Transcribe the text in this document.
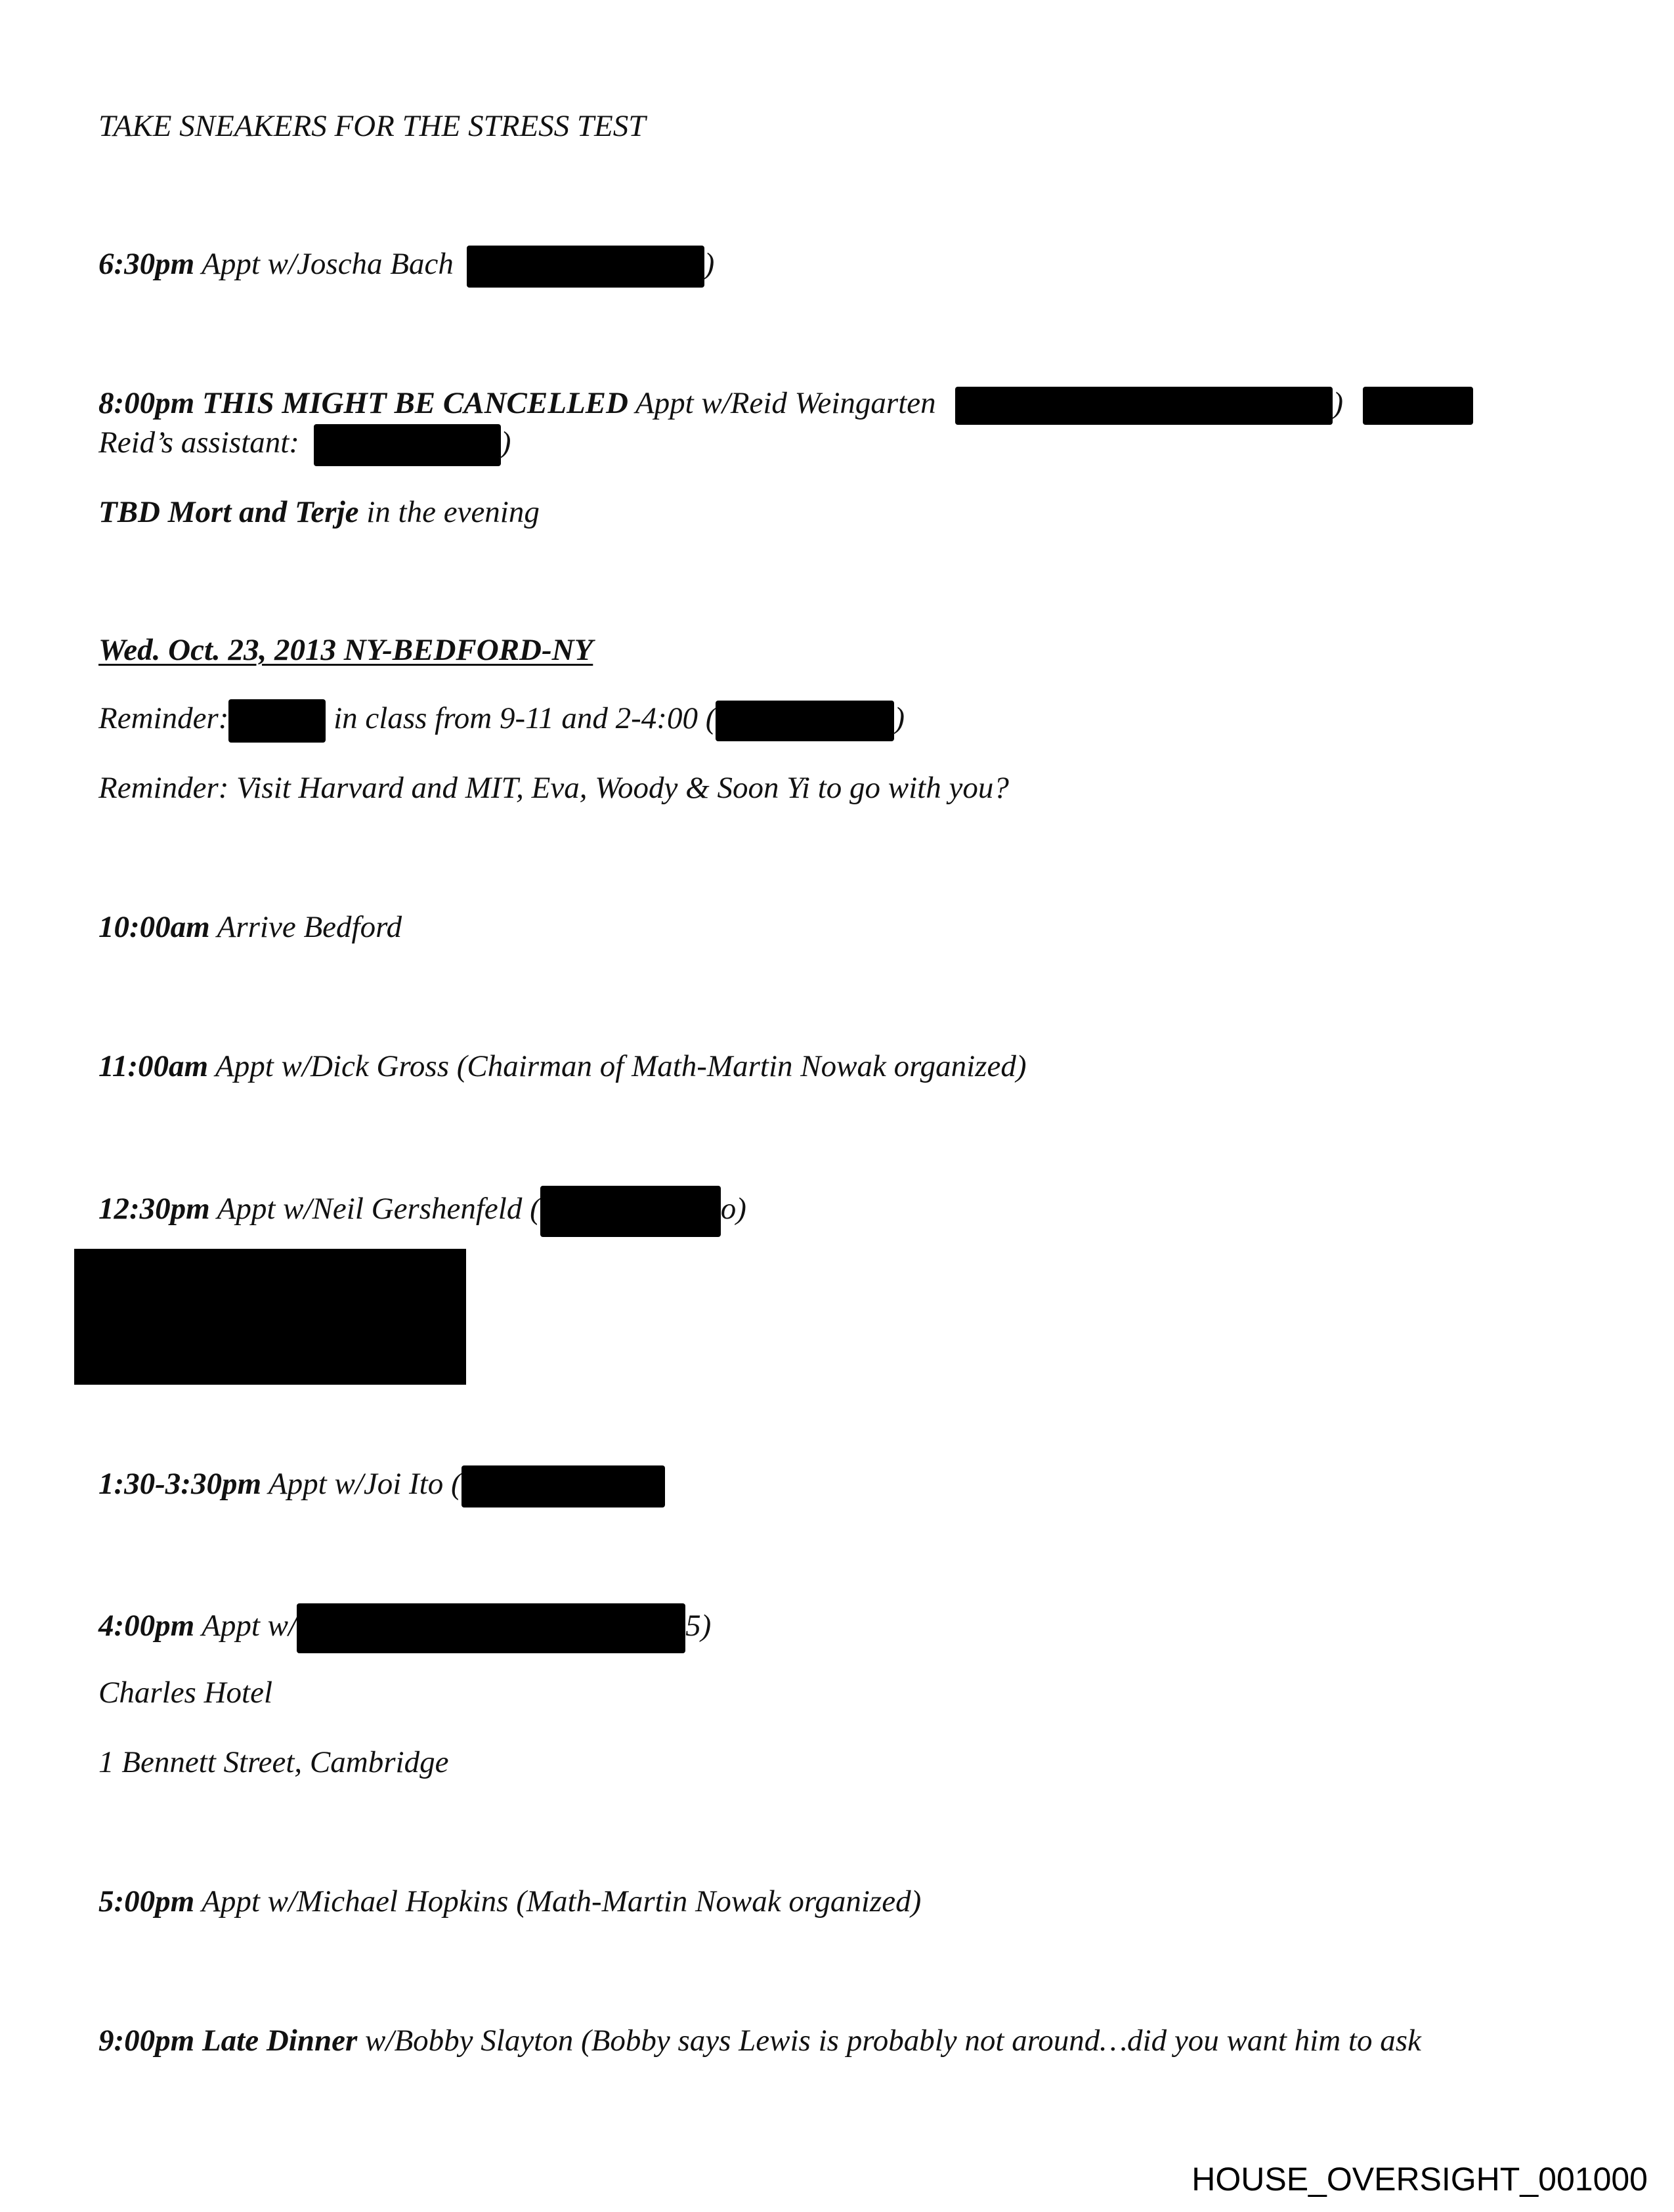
TAKE SNEAKERS FOR THE STRESS TEST
6:30pm Appt w/Joscha Bach	)
8:00pm THIS MIGHT BE CANCELLED Appt w/Reid Weingarten	)
Reid’s assistant:	)
TBD Mort and Terje in the evening
Wed. Oct. 23, 2013 NY-BEDFORD-NY
Reminder:	in class from 9-11 and 2-4:00 (	)
Reminder: Visit Harvard and MIT, Eva, Woody & Soon Yi to go with you?
10:00am Arrive Bedford
11:00am Appt w/Dick Gross (Chairman of Math-Martin Nowak organized)
12:30pm Appt w/Neil Gershenfeld (	o)
1:30-3:30pm Appt w/Joi Ito (
4:00pm Appt w/	5)
Charles Hotel
1 Bennett Street, Cambridge
5:00pm Appt w/Michael Hopkins (Math-Martin Nowak organized)
9:00pm Late Dinner w/Bobby Slayton (Bobby says Lewis is probably not around…did you want him to ask
HOUSE_OVERSIGHT_001000
